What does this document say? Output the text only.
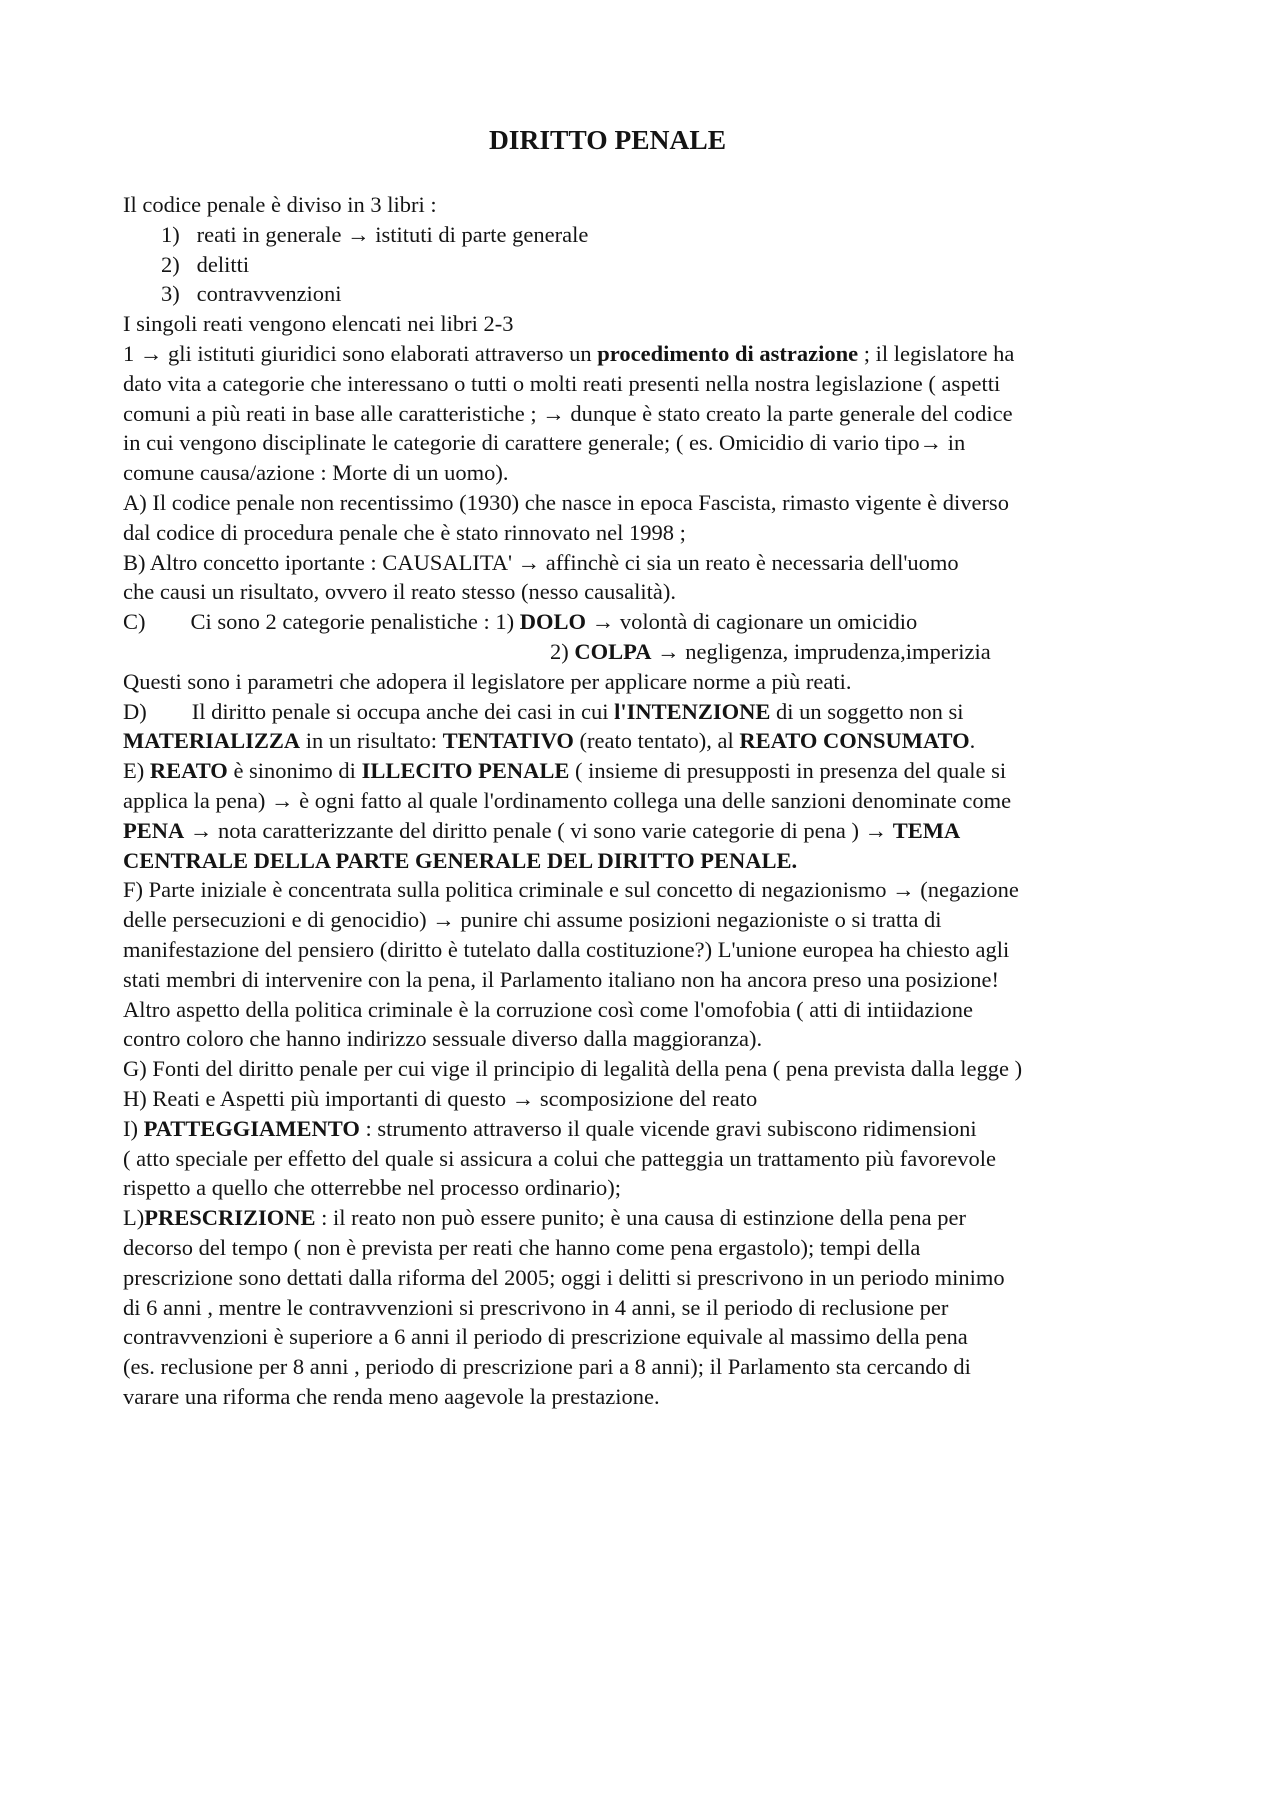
DIRITTO PENALE
Il codice penale è diviso in 3 libri :
1)   reati in generale → istituti di parte generale
2)   delitti
3)   contravvenzioni
I singoli reati vengono elencati nei libri 2-3
1 → gli istituti giuridici sono elaborati attraverso un procedimento di astrazione ; il legislatore ha
dato vita a categorie che interessano o tutti o molti reati presenti nella nostra legislazione ( aspetti
comuni a più reati in base alle caratteristiche ; → dunque è stato creato la parte generale del codice
in cui vengono disciplinate le categorie di carattere generale; ( es. Omicidio di vario tipo→ in
comune causa/azione : Morte di un uomo).
A) Il codice penale non recentissimo (1930) che nasce in epoca Fascista, rimasto vigente è diverso
dal codice di procedura penale che è stato rinnovato nel 1998 ;
B) Altro concetto iportante : CAUSALITA' → affinchè ci sia un reato è necessaria dell'uomo
che causi un risultato, ovvero il reato stesso (nesso causalità).
C)        Ci sono 2 categorie penalistiche : 1) DOLO → volontà di cagionare un omicidio
2) COLPA → negligenza, imprudenza,imperizia
Questi sono i parametri che adopera il legislatore per applicare norme a più reati.
D)        Il diritto penale si occupa anche dei casi in cui l'INTENZIONE di un soggetto non si
MATERIALIZZA in un risultato: TENTATIVO (reato tentato), al REATO CONSUMATO.
E) REATO è sinonimo di ILLECITO PENALE ( insieme di presupposti in presenza del quale si
applica la pena) → è ogni fatto al quale l'ordinamento collega una delle sanzioni denominate come
PENA → nota caratterizzante del diritto penale ( vi sono varie categorie di pena ) → TEMA
CENTRALE DELLA PARTE GENERALE DEL DIRITTO PENALE.
F) Parte iniziale è concentrata sulla politica criminale e sul concetto di negazionismo → (negazione
delle persecuzioni e di genocidio) → punire chi assume posizioni negazioniste o si tratta di
manifestazione del pensiero (diritto è tutelato dalla costituzione?) L'unione europea ha chiesto agli
stati membri di intervenire con la pena, il Parlamento italiano non ha ancora preso una posizione!
Altro aspetto della politica criminale è la corruzione così come l'omofobia ( atti di intiidazione
contro coloro che hanno indirizzo sessuale diverso dalla maggioranza).
G) Fonti del diritto penale per cui vige il principio di legalità della pena ( pena prevista dalla legge )
H) Reati e Aspetti più importanti di questo → scomposizione del reato
I) PATTEGGIAMENTO : strumento attraverso il quale vicende gravi subiscono ridimensioni
( atto speciale per effetto del quale si assicura a colui che patteggia un trattamento più favorevole
rispetto a quello che otterrebbe nel processo ordinario);
L)PRESCRIZIONE : il reato non può essere punito; è una causa di estinzione della pena per
decorso del tempo ( non è prevista per reati che hanno come pena ergastolo); tempi della
prescrizione sono dettati dalla riforma del 2005; oggi i delitti si prescrivono in un periodo minimo
di 6 anni , mentre le contravvenzioni si prescrivono in 4 anni, se il periodo di reclusione per
contravvenzioni è superiore a 6 anni il periodo di prescrizione equivale al massimo della pena
(es. reclusione per 8 anni , periodo di prescrizione pari a 8 anni); il Parlamento sta cercando di
varare una riforma che renda meno aagevole la prestazione.
